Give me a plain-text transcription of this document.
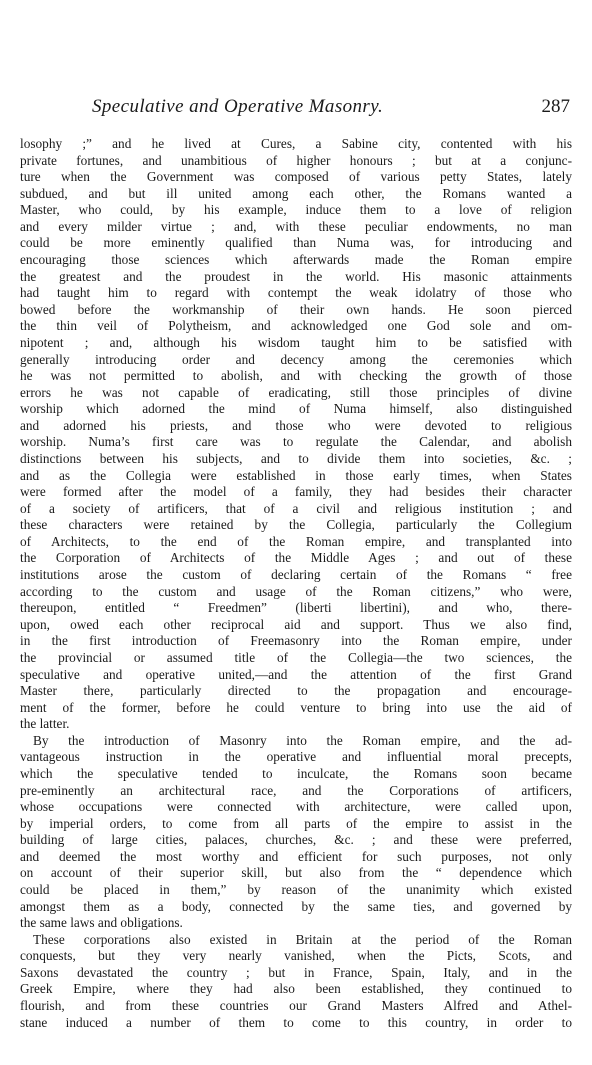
Speculative and Operative Masonry.	287
losophy ;” and he lived at Cures, a Sabine city, contented with his
private fortunes, and unambitious of higher honours ; but at a conjunc-
ture when the Government was composed of various petty States, lately
subdued, and but ill united among each other, the Romans wanted a
Master, who could, by his example, induce them to a love of religion
and every milder virtue ; and, with these peculiar endowments, no man
could be more eminently qualified than Numa was, for introducing and
encouraging those sciences which afterwards made the Roman empire
the greatest and the proudest in the world. His masonic attainments
had taught him to regard with contempt the weak idolatry of those who
bowed before the workmanship of their own hands. He soon pierced
the thin veil of Polytheism, and acknowledged one God sole and om-
nipotent ; and, although his wisdom taught him to be satisfied with
generally introducing order and decency among the ceremonies which
he was not permitted to abolish, and with checking the growth of those
errors he was not capable of eradicating, still those principles of divine
worship which adorned the mind of Numa himself, also distinguished
and adorned his priests, and those who were devoted to religious
worship. Numa’s first care was to regulate the Calendar, and abolish
distinctions between his subjects, and to divide them into societies, &c. ;
and as the Collegia were established in those early times, when States
were formed after the model of a family, they had besides their character
of a society of artificers, that of a civil and religious institution ; and
these characters were retained by the Collegia, particularly the Collegium
of Architects, to the end of the Roman empire, and transplanted into
the Corporation of Architects of the Middle Ages ; and out of these
institutions arose the custom of declaring certain of the Romans “ free
according to the custom and usage of the Roman citizens,” who were,
thereupon, entitled “ Freedmen” (liberti libertini), and who, there-
upon, owed each other reciprocal aid and support. Thus we also find,
in the first introduction of Freemasonry into the Roman empire, under
the provincial or assumed title of the Collegia—the two sciences, the
speculative and operative united,—and the attention of the first Grand
Master there, particularly directed to the propagation and encourage-
ment of the former, before he could venture to bring into use the aid of
the latter.
By the introduction of Masonry into the Roman empire, and the ad-
vantageous instruction in the operative and influential moral precepts,
which the speculative tended to inculcate, the Romans soon became
pre-eminently an architectural race, and the Corporations of artificers,
whose occupations were connected with architecture, were called upon,
by imperial orders, to come from all parts of the empire to assist in the
building of large cities, palaces, churches, &c. ; and these were preferred,
and deemed the most worthy and efficient for such purposes, not only
on account of their superior skill, but also from the “ dependence which
could be placed in them,” by reason of the unanimity which existed
amongst them as a body, connected by the same ties, and governed by
the same laws and obligations.
These corporations also existed in Britain at the period of the Roman
conquests, but they very nearly vanished, when the Picts, Scots, and
Saxons devastated the country ; but in France, Spain, Italy, and in the
Greek Empire, where they had also been established, they continued to
flourish, and from these countries our Grand Masters Alfred and Athel-
stane induced a number of them to come to this country, in order to
